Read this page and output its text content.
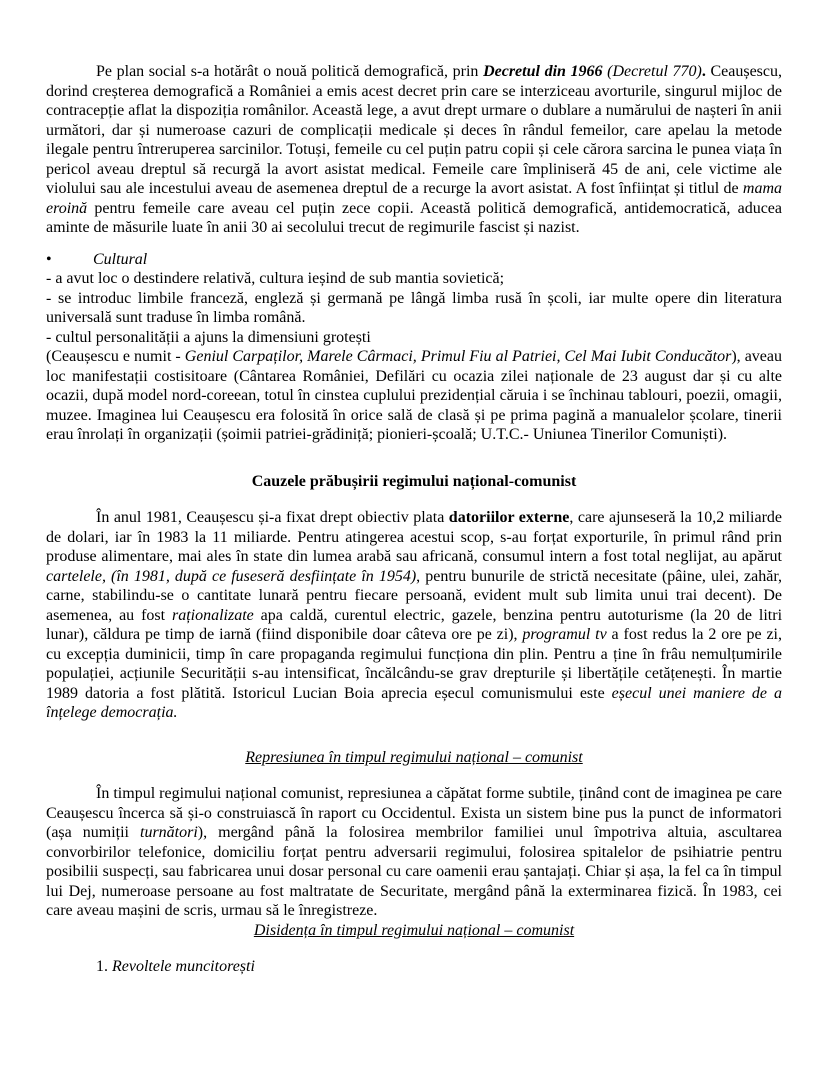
Pe plan social s-a hotărât o nouă politică demografică, prin Decretul din 1966 (Decretul 770). Ceaușescu, dorind creșterea demografică a României a emis acest decret prin care se interziceau avorturile, singurul mijloc de contracepție aflat la dispoziția românilor. Această lege, a avut drept urmare o dublare a numărului de nașteri în anii următori, dar și numeroase cazuri de complicații medicale și deces în rândul femeilor, care apelau la metode ilegale pentru întreruperea sarcinilor. Totuși, femeile cu cel puțin patru copii și cele cărora sarcina le punea viața în pericol aveau dreptul să recurgă la avort asistat medical. Femeile care împliniseră 45 de ani, cele victime ale violului sau ale incestului aveau de asemenea dreptul de a recurge la avort asistat. A fost înființat și titlul de mama eroină pentru femeile care aveau cel puțin zece copii. Această politică demografică, antidemocratică, aducea aminte de măsurile luate în anii 30 ai secolului trecut de regimurile fascist și nazist.
•	Cultural
- a avut loc o destindere relativă, cultura ieșind de sub mantia sovietică;
- se introduc limbile franceză, engleză și germană pe lângă limba rusă în școli, iar multe opere din literatura universală sunt traduse în limba română.
- cultul personalității a ajuns la dimensiuni grotești
(Ceaușescu e numit - Geniul Carpaților, Marele Cârmaci, Primul Fiu al Patriei, Cel Mai Iubit Conducător), aveau loc manifestații costisitoare (Cântarea României, Defilări cu ocazia zilei naționale de 23 august dar și cu alte ocazii, după model nord-coreean, totul în cinstea cuplului prezidențial căruia i se închinau tablouri, poezii, omagii, muzee. Imaginea lui Ceaușescu era folosită în orice sală de clasă și pe prima pagină a manualelor școlare, tinerii erau înrolați în organizații (șoimii patriei-grădiniță; pionieri-școală; U.T.C.- Uniunea Tinerilor Comuniști).
Cauzele prăbușirii regimului național-comunist
În anul 1981, Ceaușescu și-a fixat drept obiectiv plata datoriilor externe, care ajunseseră la 10,2 miliarde de dolari, iar în 1983 la 11 miliarde. Pentru atingerea acestui scop, s-au forțat exporturile, în primul rând prin produse alimentare, mai ales în state din lumea arabă sau africană, consumul intern a fost total neglijat, au apărut cartelele, (în 1981, după ce fuseseră desființate în 1954), pentru bunurile de strictă necesitate (pâine, ulei, zahăr, carne, stabilindu-se o cantitate lunară pentru fiecare persoană, evident mult sub limita unui trai decent). De asemenea, au fost raționalizate apa caldă, curentul electric, gazele, benzina pentru autoturisme (la 20 de litri lunar), căldura pe timp de iarnă (fiind disponibile doar câteva ore pe zi), programul tv a fost redus la 2 ore pe zi, cu excepția duminicii, timp în care propaganda regimului funcționa din plin. Pentru a ține în frâu nemulțumirile populației, acțiunile Securității s-au intensificat, încălcându-se grav drepturile și libertățile cetățenești. În martie 1989 datoria a fost plătită. Istoricul Lucian Boia aprecia eșecul comunismului este eșecul unei maniere de a înțelege democrația.
Represiunea în timpul regimului național – comunist
În timpul regimului național comunist, represiunea a căpătat forme subtile, ținând cont de imaginea pe care Ceaușescu încerca să și-o construiască în raport cu Occidentul. Exista un sistem bine pus la punct de informatori (așa numiții turnători), mergând până la folosirea membrilor familiei unul împotriva altuia, ascultarea convorbirilor telefonice, domiciliu forțat pentru adversarii regimului, folosirea spitalelor de psihiatrie pentru posibilii suspecți, sau fabricarea unui dosar personal cu care oamenii erau șantajați. Chiar și așa, la fel ca în timpul lui Dej, numeroase persoane au fost maltratate de Securitate, mergând până la exterminarea fizică. În 1983, cei care aveau mașini de scris, urmau să le înregistreze.
Disidența în timpul regimului național – comunist
1. Revoltele muncitorești
